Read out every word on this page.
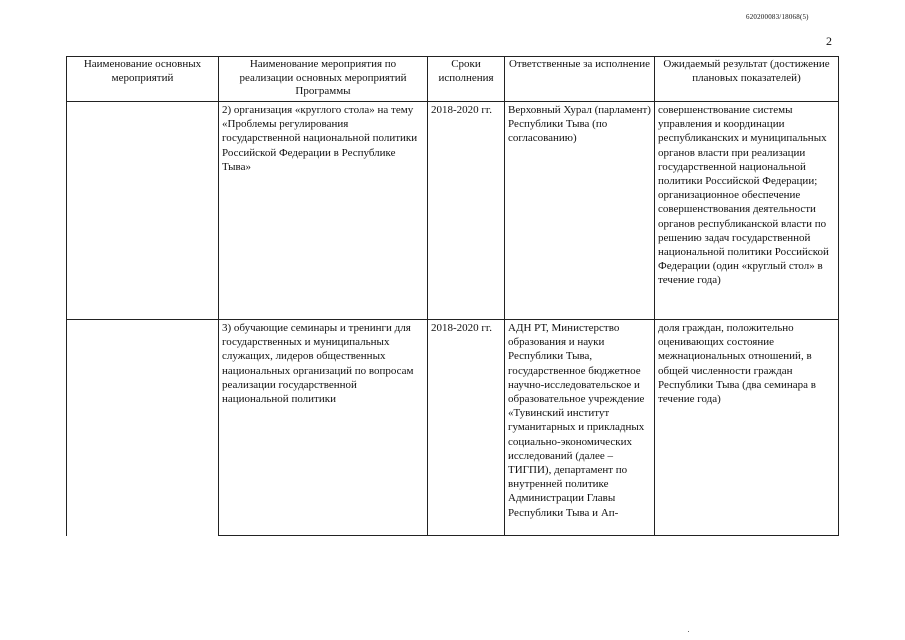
620200083/18068(5)
2
Наименование основных мероприятий	Наименование мероприятия по реализации основных мероприятий Программы	Сроки исполнения	Ответственные за исполнение	Ожидаемый результат (достижение плановых показателей)
	2) организация «круглого стола» на тему «Проблемы регулирования государственной национальной политики Российской Федерации в Республике Тыва»	2018-2020 гг.	Верховный Хурал (парламент) Республики Тыва (по согласованию)	совершенствование системы управления и координации республиканских и муниципальных органов власти при реализации государственной национальной политики Российской Федерации; организационное обеспечение совершенствования деятельности органов республиканской власти по решению задач государственной национальной политики Российской Федерации (один «круглый стол» в течение года)
	3) обучающие семинары и тренинги для государственных и муниципальных служащих, лидеров общественных национальных организаций по вопросам реализации государственной национальной политики	2018-2020 гг.	АДН РТ, Министерство образования и науки Республики Тыва, государственное бюджетное научно-исследовательское и образовательное учреждение «Тувинский институт гуманитарных и прикладных социально-экономических исследований (далее – ТИГПИ), департамент по внутренней политике Администрации Главы Республики Тыва и Ап-	доля граждан, положительно оценивающих состояние межнациональных отношений, в общей численности граждан Республики Тыва (два семинара в течение года)
